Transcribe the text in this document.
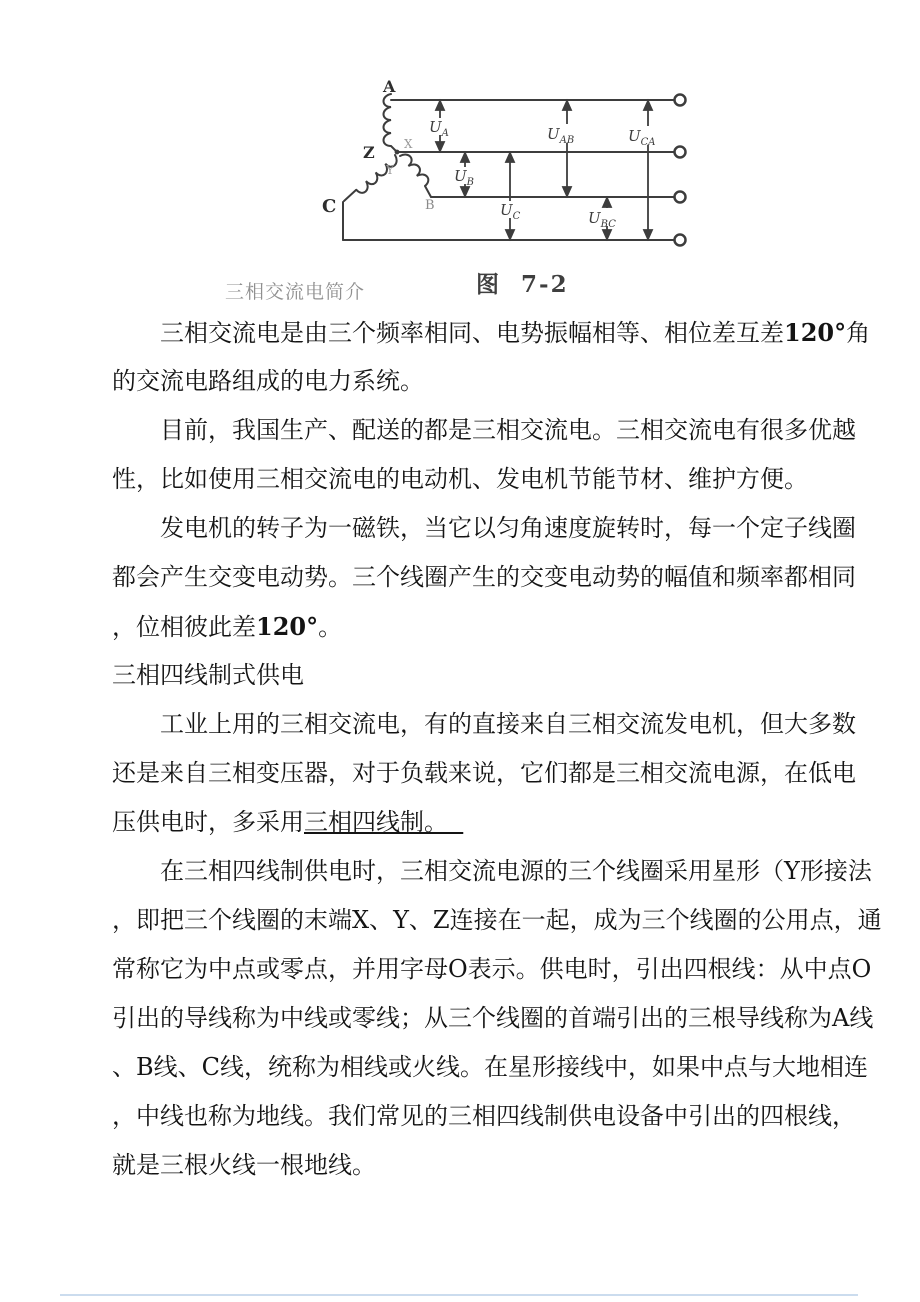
$U_A$
$U_B$
$U_C$
$U_{AB}$
$U_{BC}$
$U_{CA}$
A
Z X
Y
B
C
三相交流电简介	图  7-2
三相交流电是由三个频率相同、电势振幅相等、相位差互差120°角
的交流电路组成的电力系统。
目前，我国生产、配送的都是三相交流电。三相交流电有很多优越
性，比如使用三相交流电的电动机、发电机节能节材、维护方便。
发电机的转子为一磁铁，当它以匀角速度旋转时，每一个定子线圈
都会产生交变电动势。三个线圈产生的交变电动势的幅值和频率都相同
，位相彼此差120°。
三相四线制式供电
工业上用的三相交流电，有的直接来自三相交流发电机，但大多数
还是来自三相变压器，对于负载来说，它们都是三相交流电源，在低电
压供电时，多采用三相四线制。
在三相四线制供电时，三相交流电源的三个线圈采用星形（Y形接法
，即把三个线圈的末端X、Y、Z连接在一起，成为三个线圈的公用点，通
常称它为中点或零点，并用字母O表示。供电时，引出四根线：从中点O
引出的导线称为中线或零线；从三个线圈的首端引出的三根导线称为A线
、B线、C线，统称为相线或火线。在星形接线中，如果中点与大地相连
，中线也称为地线。我们常见的三相四线制供电设备中引出的四根线，
就是三根火线一根地线。
